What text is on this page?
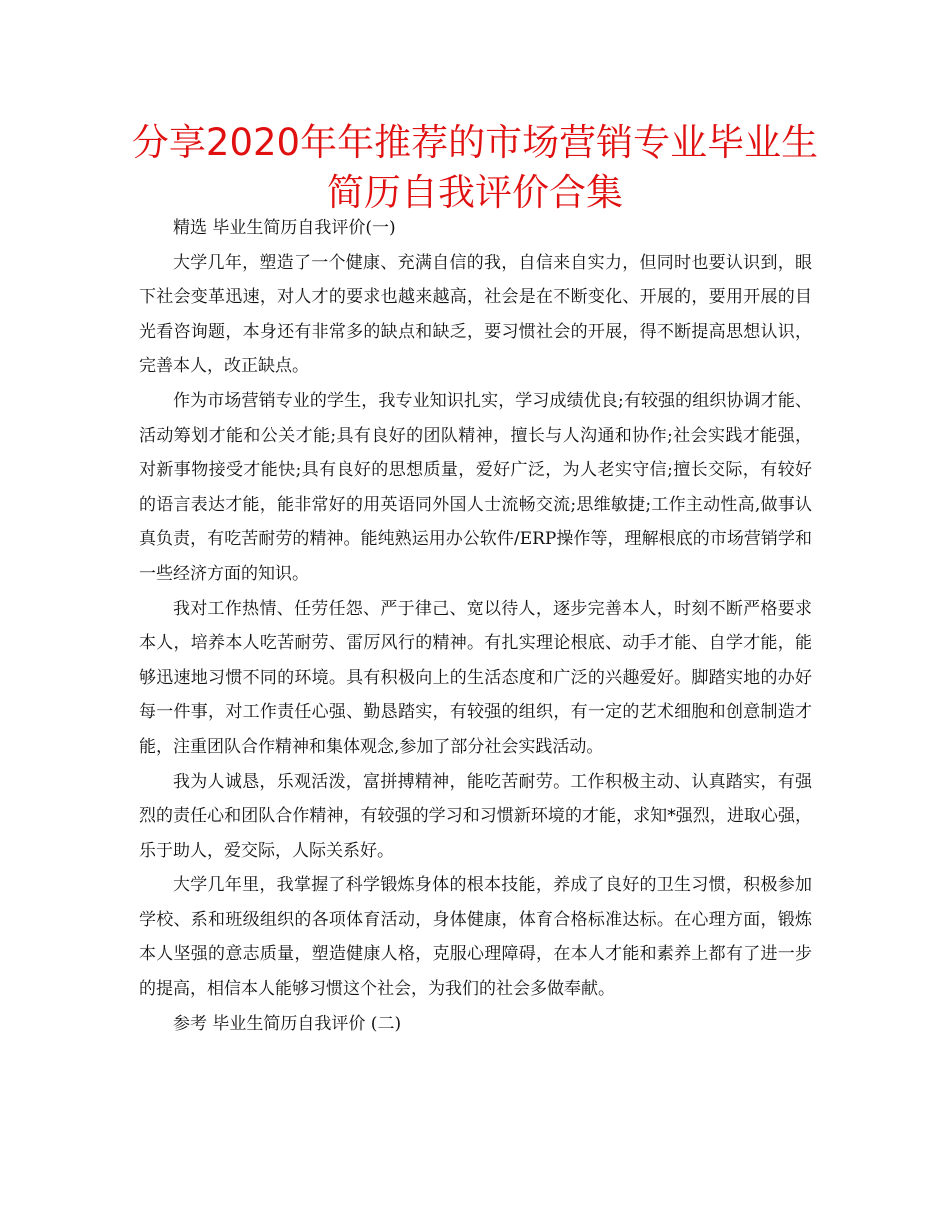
分享2020年年推荐的市场营销专业毕业生
简历自我评价合集

精选 毕业生简历自我评价(一)

大学几年，塑造了一个健康、充满自信的我，自信来自实力，但同时也要认识到，眼下社会变革迅速，对人才的要求也越来越高，社会是在不断变化、开展的，要用开展的目光看咨询题，本身还有非常多的缺点和缺乏，要习惯社会的开展，得不断提高思想认识，完善本人，改正缺点。

作为市场营销专业的学生，我专业知识扎实，学习成绩优良;有较强的组织协调才能、活动筹划才能和公关才能;具有良好的团队精神，擅长与人沟通和协作;社会实践才能强，对新事物接受才能快;具有良好的思想质量，爱好广泛，为人老实守信;擅长交际，有较好的语言表达才能，能非常好的用英语同外国人士流畅交流;思维敏捷;工作主动性高,做事认真负责，有吃苦耐劳的精神。能纯熟运用办公软件/ERP操作等，理解根底的市场营销学和一些经济方面的知识。

我对工作热情、任劳任怨、严于律己、宽以待人，逐步完善本人，时刻不断严格要求本人，培养本人吃苦耐劳、雷厉风行的精神。有扎实理论根底、动手才能、自学才能，能够迅速地习惯不同的环境。具有积极向上的生活态度和广泛的兴趣爱好。脚踏实地的办好每一件事，对工作责任心强、勤恳踏实，有较强的组织，有一定的艺术细胞和创意制造才能，注重团队合作精神和集体观念,参加了部分社会实践活动。

我为人诚恳，乐观活泼，富拼搏精神，能吃苦耐劳。工作积极主动、认真踏实，有强烈的责任心和团队合作精神，有较强的学习和习惯新环境的才能，求知*强烈，进取心强，乐于助人，爱交际，人际关系好。

大学几年里，我掌握了科学锻炼身体的根本技能，养成了良好的卫生习惯，积极参加学校、系和班级组织的各项体育活动，身体健康，体育合格标准达标。在心理方面，锻炼本人坚强的意志质量，塑造健康人格，克服心理障碍，在本人才能和素养上都有了进一步的提高，相信本人能够习惯这个社会，为我们的社会多做奉献。

参考 毕业生简历自我评价 (二)
